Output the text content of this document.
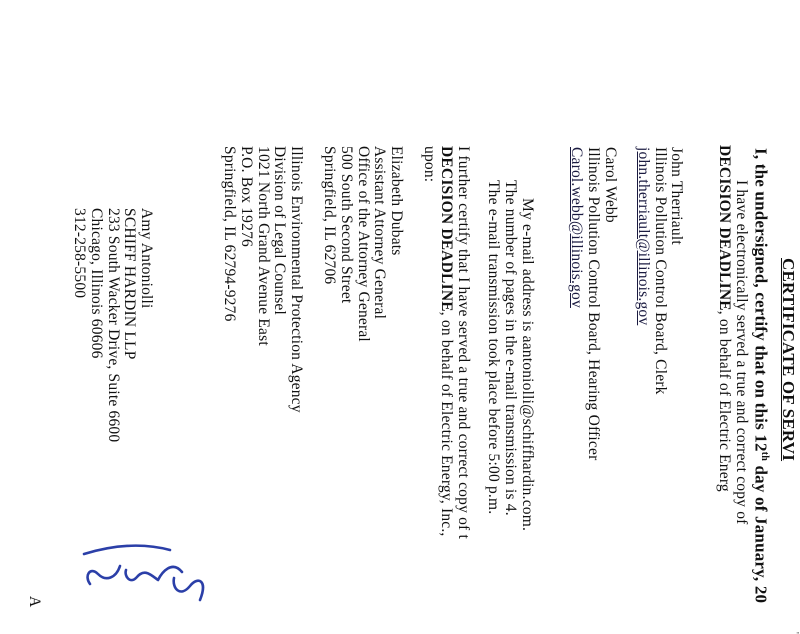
CERTIFICATE OF SERVI
I, the undersigned, certify that on this 12th day of January, 20
I have electronically served a true and correct copy of
DECISION DEADLINE, on behalf of Electric Energ
John Therriault
Illinois Pollution Control Board, Clerk
john.therriault@illinois.gov
Carol Webb
Illinois Pollution Control Board, Hearing Officer
Carol.webb@illinois.gov
My e-mail address is aantoniolli@schiffhardin.com.
The number of pages in the e-mail transmission is 4.
The e-mail transmission took place before 5:00 p.m.
I further certify that I have served a true and correct copy of t
DECISION DEADLINE, on behalf of Electric Energy, Inc.,
upon:
Elizabeth Dubats
Assistant Attorney General
Office of the Attorney General
500 South Second Street
Springfield, IL 62706
Illinois Environmental Protection Agency
Division of Legal Counsel
1021 North Grand Avenue East
P.O. Box 19276
Springfield, IL 62794-9276
Amy Antoniolli
SCHIFF HARDIN LLP
233 South Wacker Drive, Suite 6600
Chicago, Illinois 60606
312-258-5500
'
A
